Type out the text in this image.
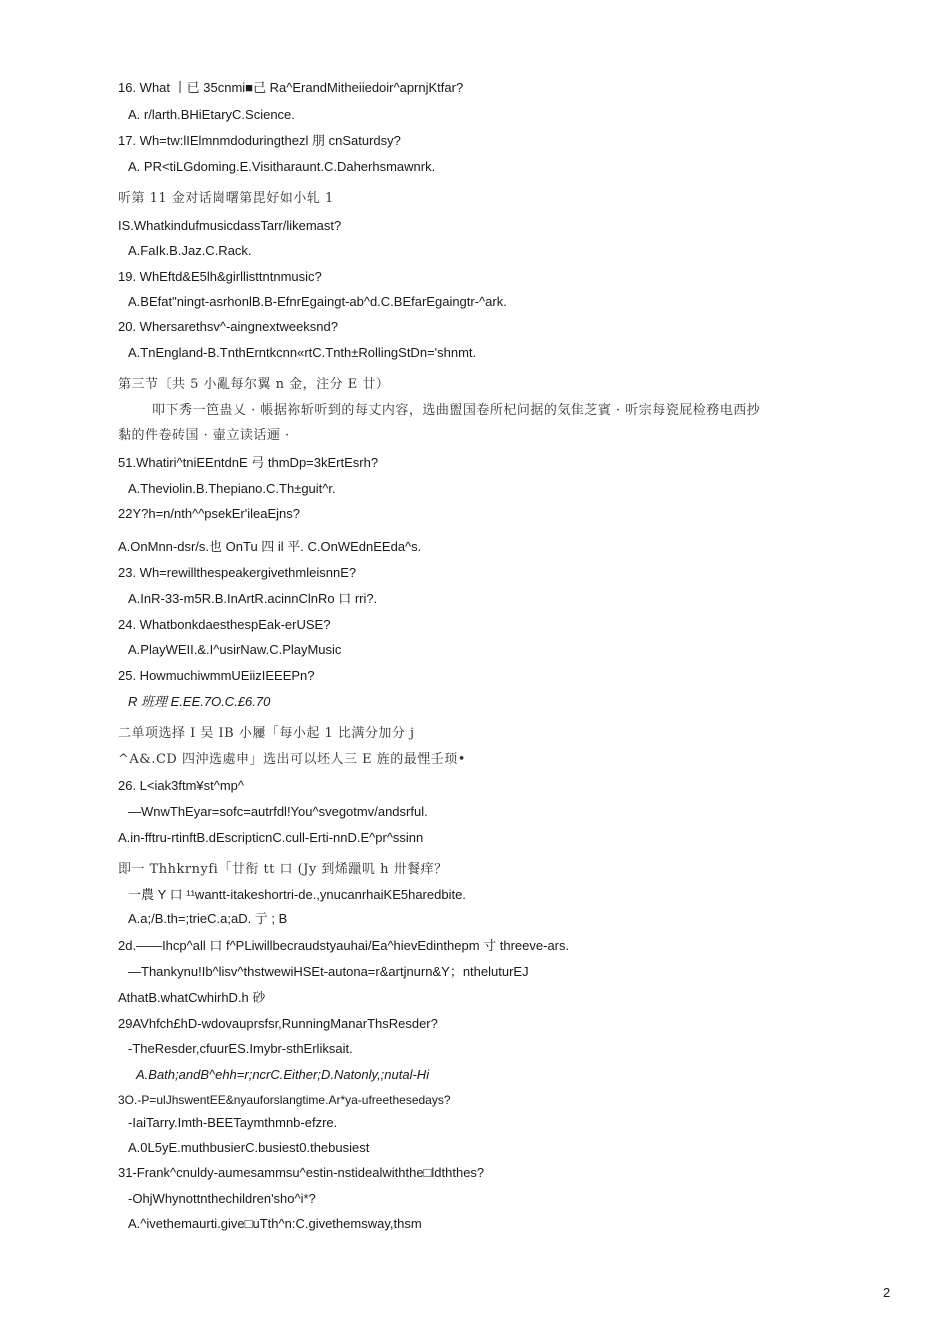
16. What 丨已 35cnmi■己 Ra^ErandMitheiiedoir^aprnjKtfar?
A. r/larth.BHiEtaryC.Science.
17. Wh=tw:lIElmnmdoduringthezl 朋 cnSaturdsy?
A. PR<tiLGdoming.E.Visitharaunt.C.Daherhsmawnrk.
听第 11 金对话崗曙第毘好如小轧 1
IS.WhatkindufmusicdassTarr/likemast?
A.FaIk.B.Jaz.C.Rack.
19. WhEftd&E5lh&girllisttntnmusic?
A.BEfat"ningt-asrhonlB.B-EfnrEgaingt-ab^d.C.BEfarEgaingtr-^ark.
20. Whersarethsv^-aingnextweeksnd?
A.TnEngland-B.TnthErntkcnn«rtC.Tnth±RollingStDn='shnmt.
第三节〔共 5 小亂每尔翼 n 金，注分 E 廿）
叩下秀一笆蛊乂 · 帳据祢斩听到的每丈内容，选曲盥国卷所杞问据的気隹芝賓 · 听宗每瓷屁检務电西抄
黏的件卷砖国 · 壷立读话逦 ·
51.Whatiri^tniEEntdnE 弓 thmDp=3kErtEsrh?
A.Theviolin.B.Thepiano.C.Th±guit^r.
22Y?h=n/nth^^psekEr'ileaEjns?
A.OnMnn-dsr/s.也 OnTu 四 il 平. C.OnWEdnEEda^s.
23. Wh=rewillthespeakergivethmleisnnE?
A.InR-33-m5R.B.InArtR.acinnClnRo 口 rri?.
24. WhatbonkdaesthespEak-erUSE?
A.PlayWEII.&.I^usirNaw.C.PlayMusic
25. HowmuchiwmmUEiizIEEEPn?
R 班理 E.EE.7O.C.£6.70
二单项选择 I 吴 IB 小屨「每小起 1 比满分加分 j
^A&.CD 四沖选處申」选出可以坯人三 E 旌的最悝壬顼•
26. L<iak3ftm¥st^mp^
—WnwThEyar=sofc=autrfdl!You^svegotmv/andsrful.
A.in-fftru-rtinftB.dEscripticnC.cull-Erti-nnD.E^pr^ssinn
即一 Thhkrnyfi「廿衔 tt 口 (Jy 到烯躐叽 h 卅餐痒？
一農 Y 口 ¹¹wantt-itakeshortri-de.,ynucanrhaiKE5haredbite.
A.a;/B.th=;trieC.a;aD. 亍 ; B
2d.——Ihcp^all 口 f^PLiwillbecraudstyauhai/Ea^hievEdinthepm 寸 threeve-ars.
—Thankynu!Ib^lisv^thstwewiHSEt-autona=r&artjnurn&Y；ntheluturEJ
AthatB.whatCwhirhD.h 砂
29AVhfch£hD-wdovauprsfsr,RunningManarThsResder?
-TheResder,cfuurES.Imybr-sthErliksait.
A.Bath;andB^ehh=r;ncrC.Either;D.Natonly,;nutal-Hi
3O.-P=ulJhswentEE&nyauforslangtime.Ar*ya-ufreethesedays?
-IaiTarry.Imth-BEETaymthmnb-efzre.
A.0L5yE.muthbusierC.busiest0.thebusiest
31-Frank^cnuldy-aumesammsu^estin-nstidealwiththe□ldththes?
-OhjWhynottnthechildren'sho^i*?
A.^ivethemaurti.give□uTth^n:C.givethemsway,thsm
2
